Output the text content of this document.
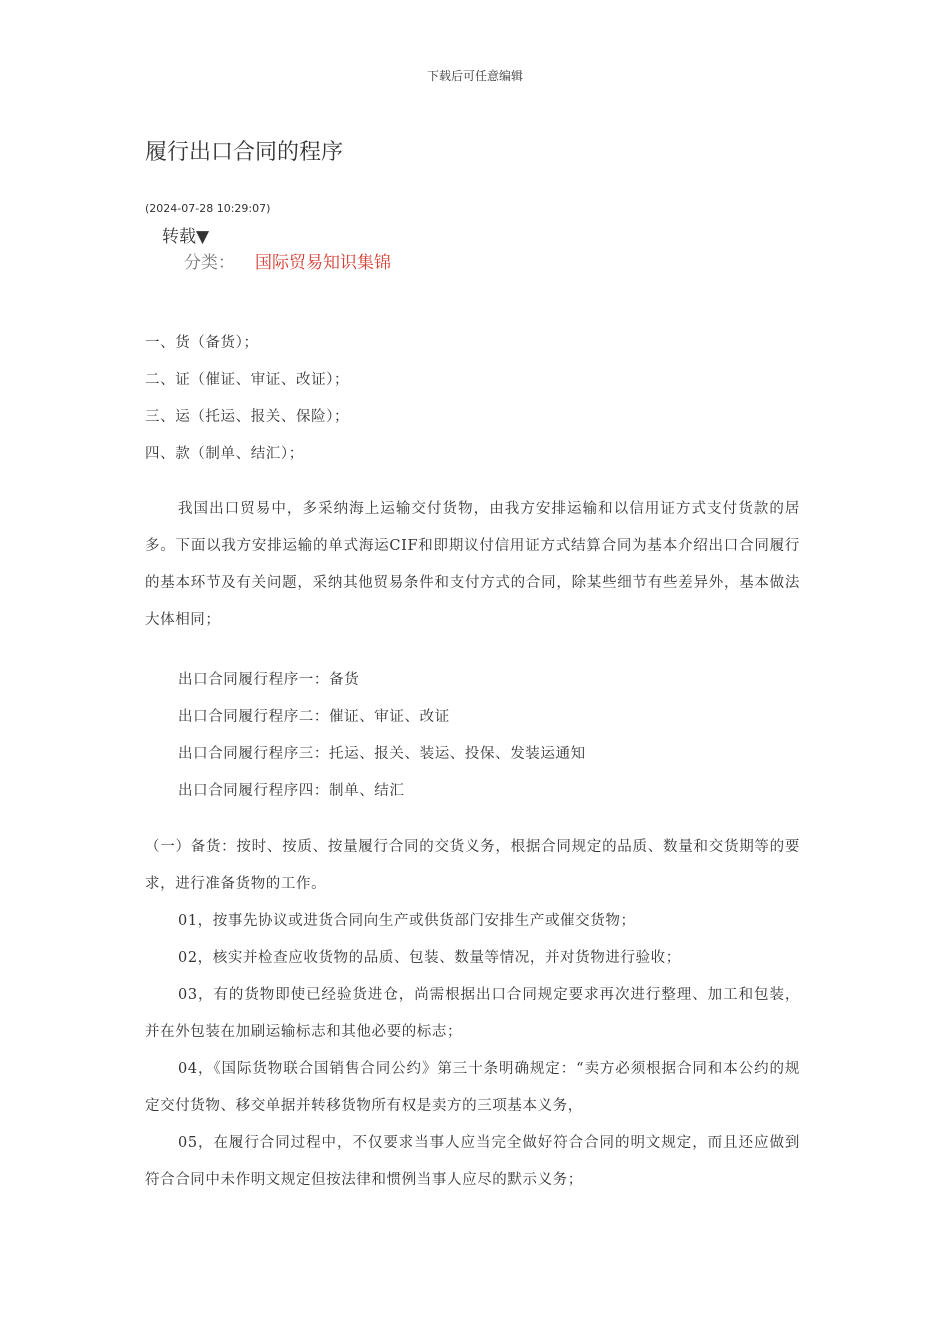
下载后可任意编辑
履行出口合同的程序
(2024-07-28 10:29:07)
转载▼
分类： 国际贸易知识集锦
一、货（备货）；
二、证（催证、审证、改证）；
三、运（托运、报关、保险）；
四、款（制单、结汇）；
我国出口贸易中，多采纳海上运输交付货物，由我方安排运输和以信用证方式支付货款的居多。下面以我方安排运输的单式海运CIF和即期议付信用证方式结算合同为基本介绍出口合同履行的基本环节及有关问题，采纳其他贸易条件和支付方式的合同，除某些细节有些差异外，基本做法大体相同；
出口合同履行程序一：备货
出口合同履行程序二：催证、审证、改证
出口合同履行程序三：托运、报关、装运、投保、发装运通知
出口合同履行程序四：制单、结汇
（一）备货：按时、按质、按量履行合同的交货义务，根据合同规定的品质、数量和交货期等的要求，进行准备货物的工作。
01，按事先协议或进货合同向生产或供货部门安排生产或催交货物；
02，核实并检查应收货物的品质、包装、数量等情况，并对货物进行验收；
03，有的货物即使已经验货进仓，尚需根据出口合同规定要求再次进行整理、加工和包装，并在外包装在加刷运输标志和其他必要的标志；
04，《国际货物联合国销售合同公约》第三十条明确规定：“卖方必须根据合同和本公约的规定交付货物、移交单据并转移货物所有权是卖方的三项基本义务，
05，在履行合同过程中，不仅要求当事人应当完全做好符合合同的明文规定，而且还应做到符合合同中未作明文规定但按法律和惯例当事人应尽的默示义务；
